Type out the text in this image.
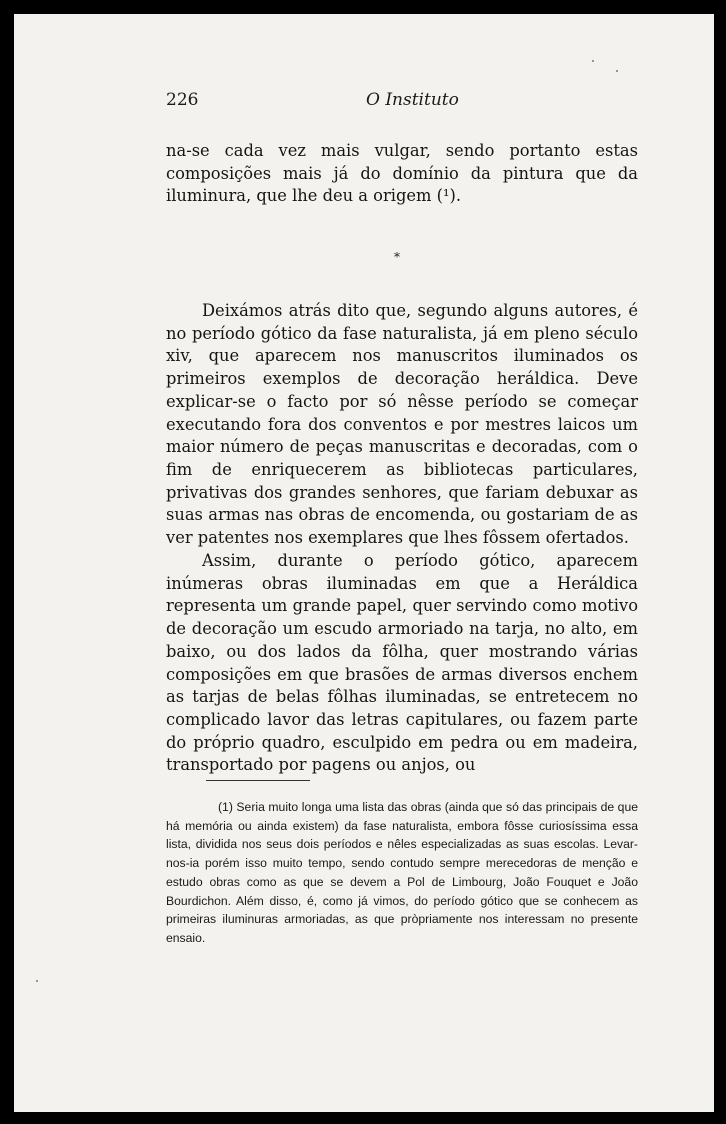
226	O Instituto

na-se cada vez mais vulgar, sendo portanto estas composições mais já do domínio da pintura que da iluminura, que lhe deu a origem (¹).

*

Deixámos atrás dito que, segundo alguns autores, é no período gótico da fase naturalista, já em pleno século xiv, que aparecem nos manuscritos iluminados os primeiros exemplos de decoração heráldica. Deve explicar-se o facto por só nêsse período se começar executando fora dos conventos e por mestres laicos um maior número de peças manuscritas e decoradas, com o fim de enriquecerem as bibliotecas particulares, privativas dos grandes senhores, que fariam debuxar as suas armas nas obras de encomenda, ou gostariam de as ver patentes nos exemplares que lhes fôssem ofertados.

Assim, durante o período gótico, aparecem inúmeras obras iluminadas em que a Heráldica representa um grande papel, quer servindo como motivo de decoração um escudo armoriado na tarja, no alto, em baixo, ou dos lados da fôlha, quer mostrando várias composições em que brasões de armas diversos enchem as tarjas de belas fôlhas iluminadas, se entretecem no complicado lavor das letras capitulares, ou fazem parte do próprio quadro, esculpido em pedra ou em madeira, transportado por pagens ou anjos, ou

(1) Seria muito longa uma lista das obras (ainda que só das principais de que há memória ou ainda existem) da fase naturalista, embora fôsse curiosíssima essa lista, dividida nos seus dois períodos e nêles especializadas as suas escolas. Levar-nos-ia porém isso muito tempo, sendo contudo sempre merecedoras de menção e estudo obras como as que se devem a Pol de Limbourg, João Fouquet e João Bourdichon. Além disso, é, como já vimos, do período gótico que se conhecem as primeiras iluminuras armoriadas, as que pròpriamente nos interessam no presente ensaio.
